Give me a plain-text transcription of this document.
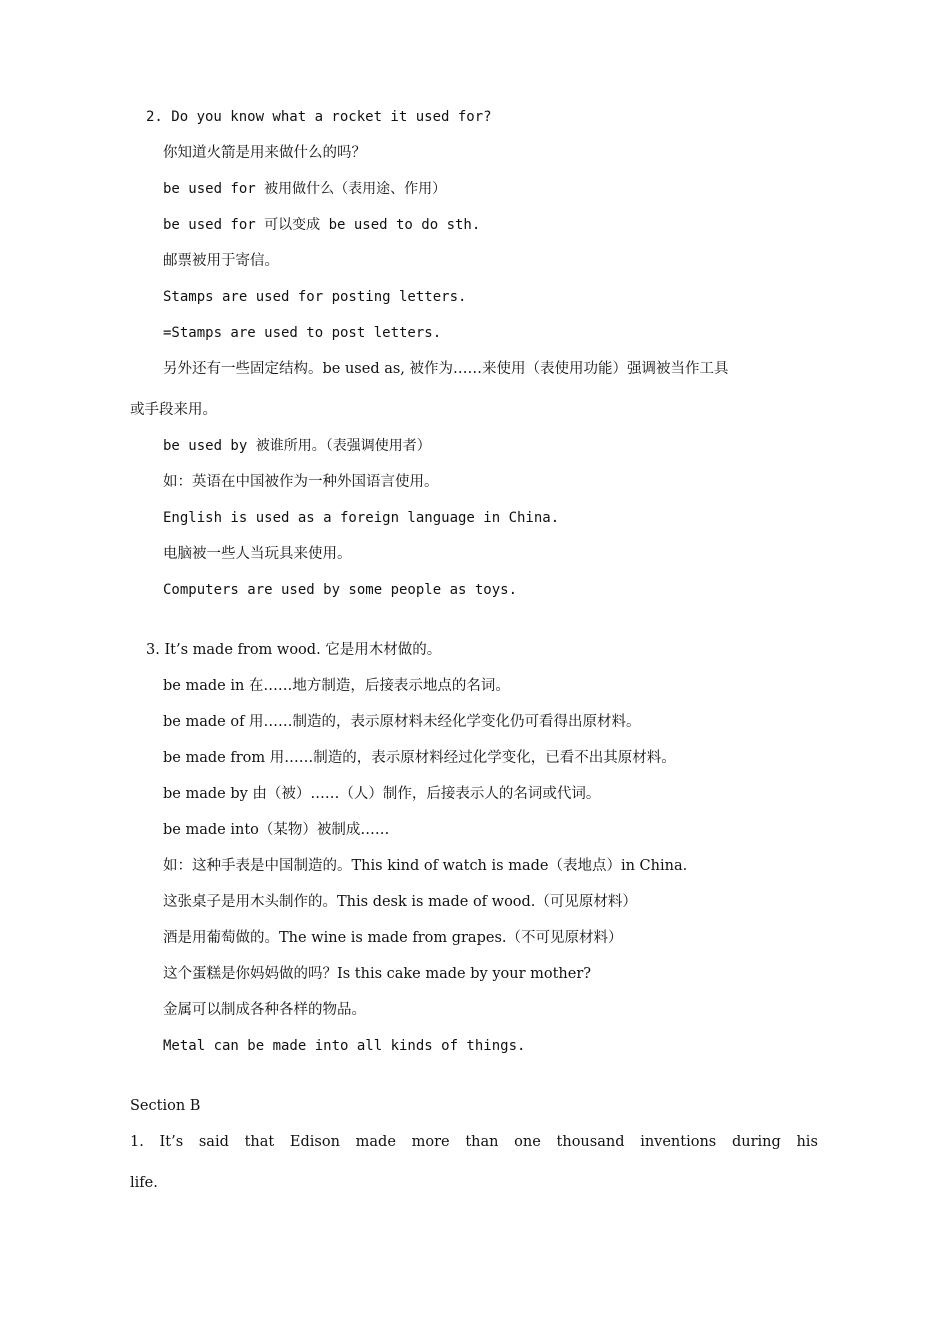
2. Do you know what a rocket it used for?
你知道火箭是用来做什么的吗？
be used for 被用做什么（表用途、作用）
be used for 可以变成 be used to do sth.
邮票被用于寄信。
Stamps are used for posting letters.
=Stamps are used to post letters.
另外还有一些固定结构。be used as, 被作为……来使用（表使用功能）强调被当作工具
或手段来用。
be used by 被谁所用。（表强调使用者）
如：英语在中国被作为一种外国语言使用。
English is used as a foreign language in China.
电脑被一些人当玩具来使用。
Computers are used by some people as toys.
3. It’s made from wood. 它是用木材做的。
be made in 在……地方制造，后接表示地点的名词。
be made of 用……制造的，表示原材料未经化学变化仍可看得出原材料。
be made from 用……制造的，表示原材料经过化学变化，已看不出其原材料。
be made by 由（被）……（人）制作，后接表示人的名词或代词。
be made into（某物）被制成……
如：这种手表是中国制造的。This kind of watch is made（表地点）in China.
这张桌子是用木头制作的。This desk is made of wood.（可见原材料）
酒是用葡萄做的。The wine is made from grapes.（不可见原材料）
这个蛋糕是你妈妈做的吗？Is this cake made by your mother?
金属可以制成各种各样的物品。
Metal can be made into all kinds of things.
Section B
1. It’s said that Edison made more than one thousand inventions during his
life.
